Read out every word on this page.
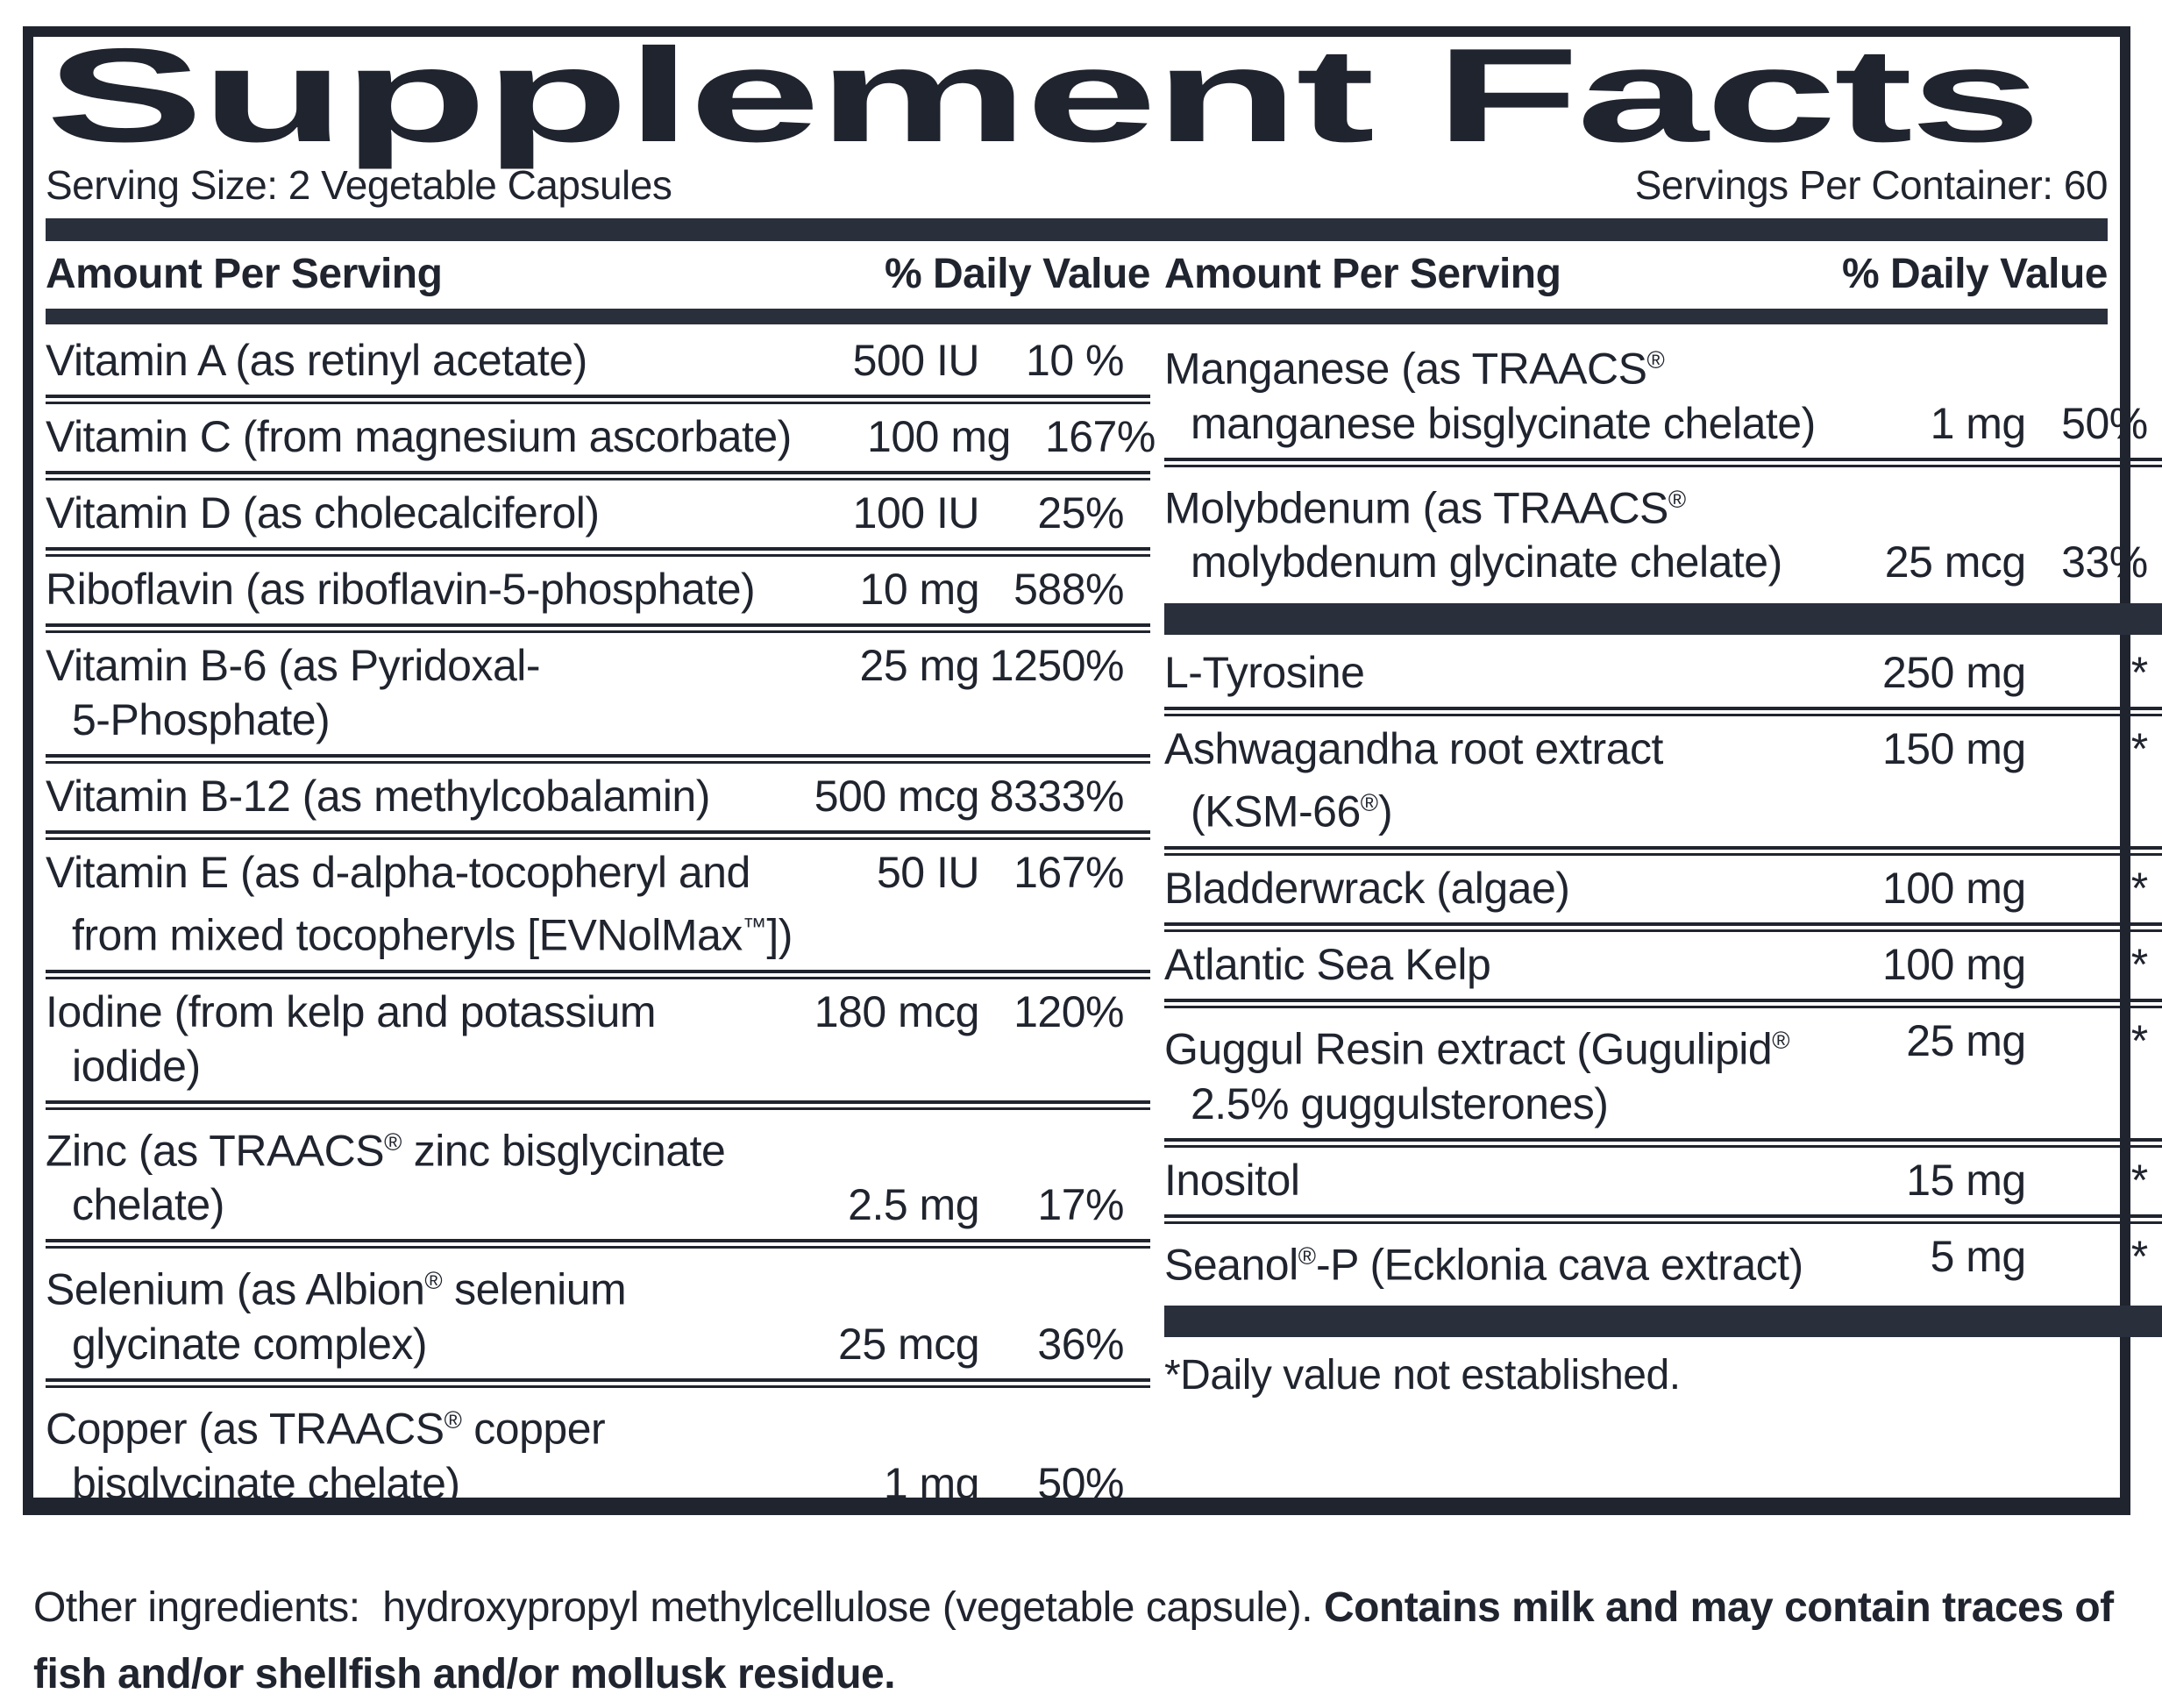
Supplement Facts
Serving Size: 2 Vegetable Capsules	Servings Per Container: 60
Amount Per Serving	% Daily Value Amount Per Serving	% Daily Value
Vitamin A (as retinyl acetate)	500 IU	10 %
Vitamin C (from magnesium ascorbate)	100 mg 167%
Vitamin D (as cholecalciferol)	100 IU	25%
Riboflavin (as riboflavin-5-phosphate)	10 mg 588%
Vitamin B-6 (as Pyridoxal-	25 mg 1250%
5-Phosphate)
Vitamin B-12 (as methylcobalamin)	500 mcg 8333%
Vitamin E (as d-alpha-tocopheryl and	50 IU 167%
from mixed tocopheryls [EVNolMax™])
Iodine (from kelp and potassium	180 mcg 120%
iodide)
Zinc (as TRAACS® zinc bisglycinate
chelate)	2.5 mg	17%
Selenium (as Albion® selenium
glycinate complex)	25 mcg	36%
Copper (as TRAACS® copper
bisglycinate chelate)	1 mg	50%
Manganese (as TRAACS®
manganese bisglycinate chelate)	1 mg 50%
Molybdenum (as TRAACS®
molybdenum glycinate chelate)	25 mcg 33%
L-Tyrosine	250 mg	*
Ashwagandha root extract	150 mg	*
(KSM-66®)
Bladderwrack (algae)	100 mg	*
Atlantic Sea Kelp	100 mg	*
Guggul Resin extract (Gugulipid®	25 mg	*
2.5% guggulsterones)
Inositol	15 mg	*
Seanol®-P (Ecklonia cava extract)	5 mg	*
*Daily value not established.

Other ingredients:  hydroxypropyl methylcellulose (vegetable capsule). Contains milk and may contain traces of fish and/or shellfish and/or mollusk residue.
